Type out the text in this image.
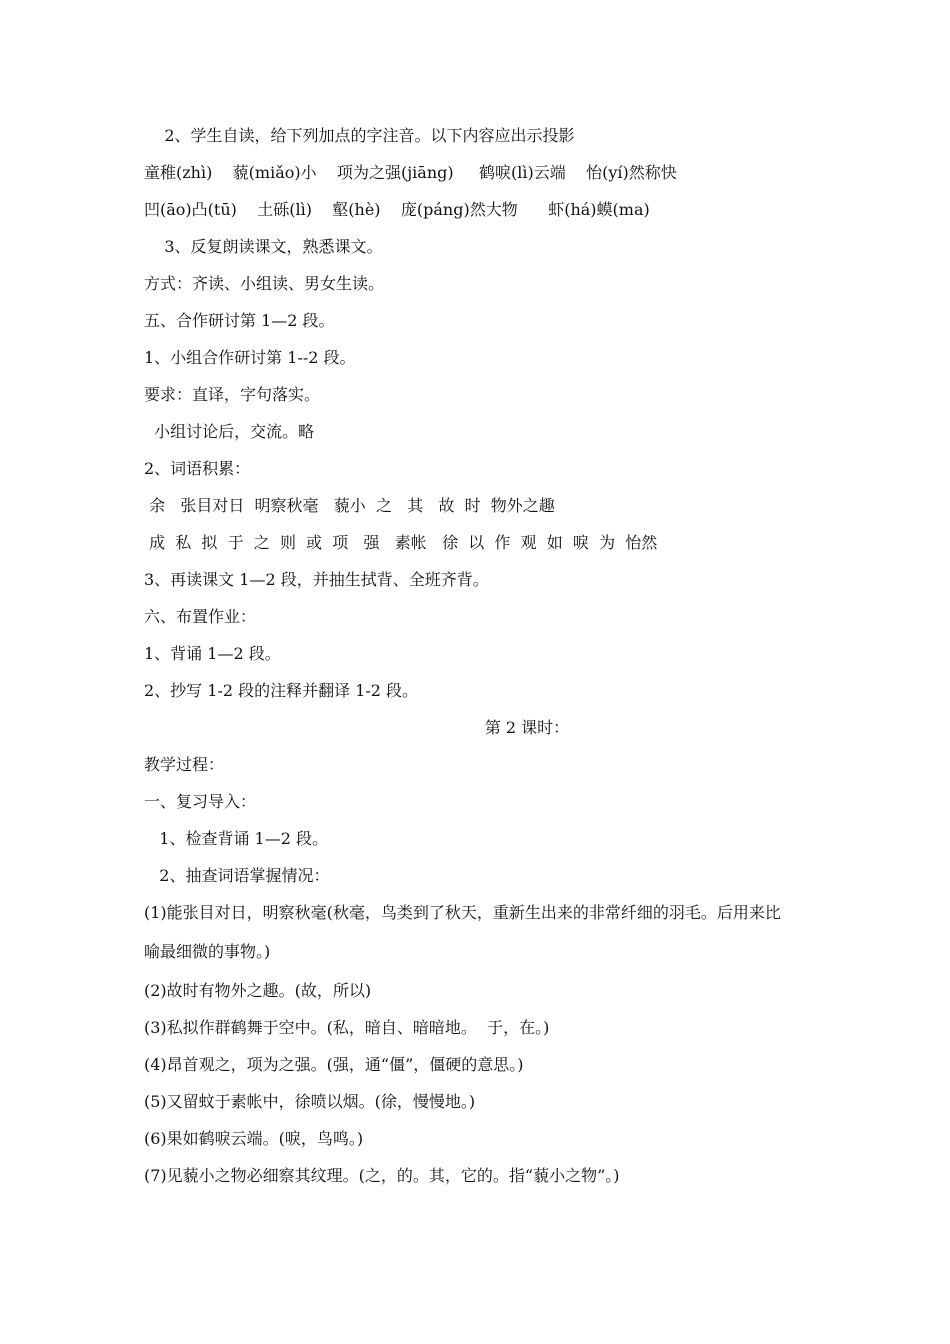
2、学生自读，给下列加点的字注音。以下内容应出示投影
童稚(zhì)    藐(miǎo)小    项为之强(jiāng)     鹤唳(lì)云端    怡(yí)然称快
凹(āo)凸(tū)    土砾(lì)    壑(hè)    庞(páng)然大物      虾(há)蟆(ma)
3、反复朗读课文，熟悉课文。
方式：齐读、小组读、男女生读。
五、合作研讨第 1—2 段。
1、小组合作研讨第 1--2 段。
要求：直译，字句落实。
小组讨论后，交流。略
2、词语积累：
余   张目对日  明察秋毫   藐小  之   其   故  时  物外之趣
成  私  拟  于  之  则  或  项   强   素帐   徐  以  作  观  如  唳  为  怡然
3、再读课文 1—2 段，并抽生拭背、全班齐背。
六、布置作业：
1、背诵 1—2 段。
2、抄写 1-2 段的注释并翻译 1-2 段。
第 2 课时：
教学过程：
一、复习导入：
1、检查背诵 1—2 段。
2、抽查词语掌握情况：
(1)能张目对日，明察秋毫(秋毫，鸟类到了秋天，重新生出来的非常纤细的羽毛。后用来比
喻最细微的事物。)
(2)故时有物外之趣。(故，所以)
(3)私拟作群鹤舞于空中。(私，暗自、暗暗地。  于，在。)
(4)昂首观之，项为之强。(强，通“僵”，僵硬的意思。)
(5)又留蚊于素帐中，徐喷以烟。(徐，慢慢地。)
(6)果如鹤唳云端。(唳，鸟鸣。)
(7)见藐小之物必细察其纹理。(之，的。其，它的。指“藐小之物”。)
